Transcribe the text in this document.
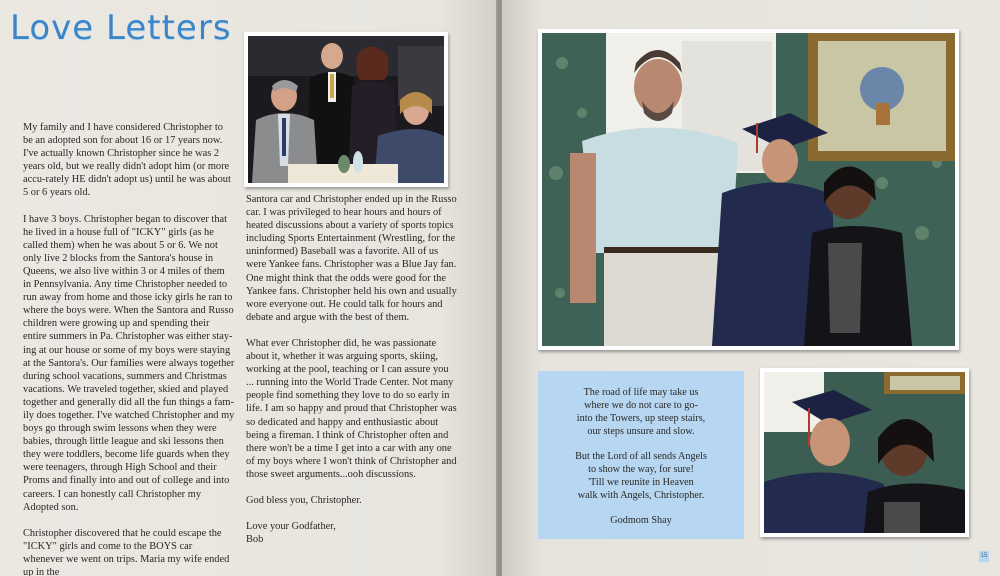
Love Letters

My family and I have considered Christopher to be an adopted son for about 16 or 17 years now. I've actually known Christopher since he was 2 years old, but we really didn't adopt him (or more accu-rately HE didn't adopt us) until he was about 5 or 6 years old.

I have 3 boys. Christopher began to discover that he lived in a house full of "ICKY" girls (as he called them) when he was about 5 or 6. We not only live 2 blocks from the Santora's house in Queens, we also live within 3 or 4 miles of them in Pennsylvania. Any time Christopher needed to run away from home and those icky girls he ran to where the boys were. When the Santora and Russo children were growing up and spending their entire summers in Pa. Christopher was either stay-ing at our house or some of my boys were staying at the Santora's. Our families were always together during school vacations, summers and Christmas vacations. We traveled together, skied and played together and generally did all the fun things a fam-ily does together. I've watched Christopher and my boys go through swim lessons when they were babies, through little league and ski lessons then they were toddlers, become life guards when they were teenagers, through High School and their Proms and finally into and out of college and into careers. I can honestly call Christopher my Adopted son.

Christopher discovered that he could escape the "ICKY" girls and come to the BOYS car whenever we went on trips. Maria my wife ended up in the

Santora car and Christopher ended up in the Russo car. I was privileged to hear hours and hours of heated discussions about a variety of sports topics including Sports Entertainment (Wrestling, for the uninformed) Baseball was a favorite. All of us were Yankee fans. Christopher was a Blue Jay fan. One might think that the odds were good for the Yankee fans. Christopher held his own and usually wore everyone out. He could talk for hours and debate and argue with the best of them.

What ever Christopher did, he was passionate about it, whether it was arguing sports, skiing, working at the pool, teaching or I can assure you ... running into the World Trade Center. Not many people find something they love to do so early in life. I am so happy and proud that Christopher was so dedicated and happy and enthusiastic about being a fireman. I think of Christopher often and there won't be a time I get into a car with any one of my boys where I won't think of Christopher and those sweet arguments...ooh discussions.

God bless you, Christopher.

Love your Godfather,
Bob

The road of life may take us
where we do not care to go-
into the Towers, up steep stairs,
our steps unsure and slow.

But the Lord of all sends Angels
to show the way, for sure!
'Till we reunite in Heaven
walk with Angels, Christopher.

Godmom Shay

15
